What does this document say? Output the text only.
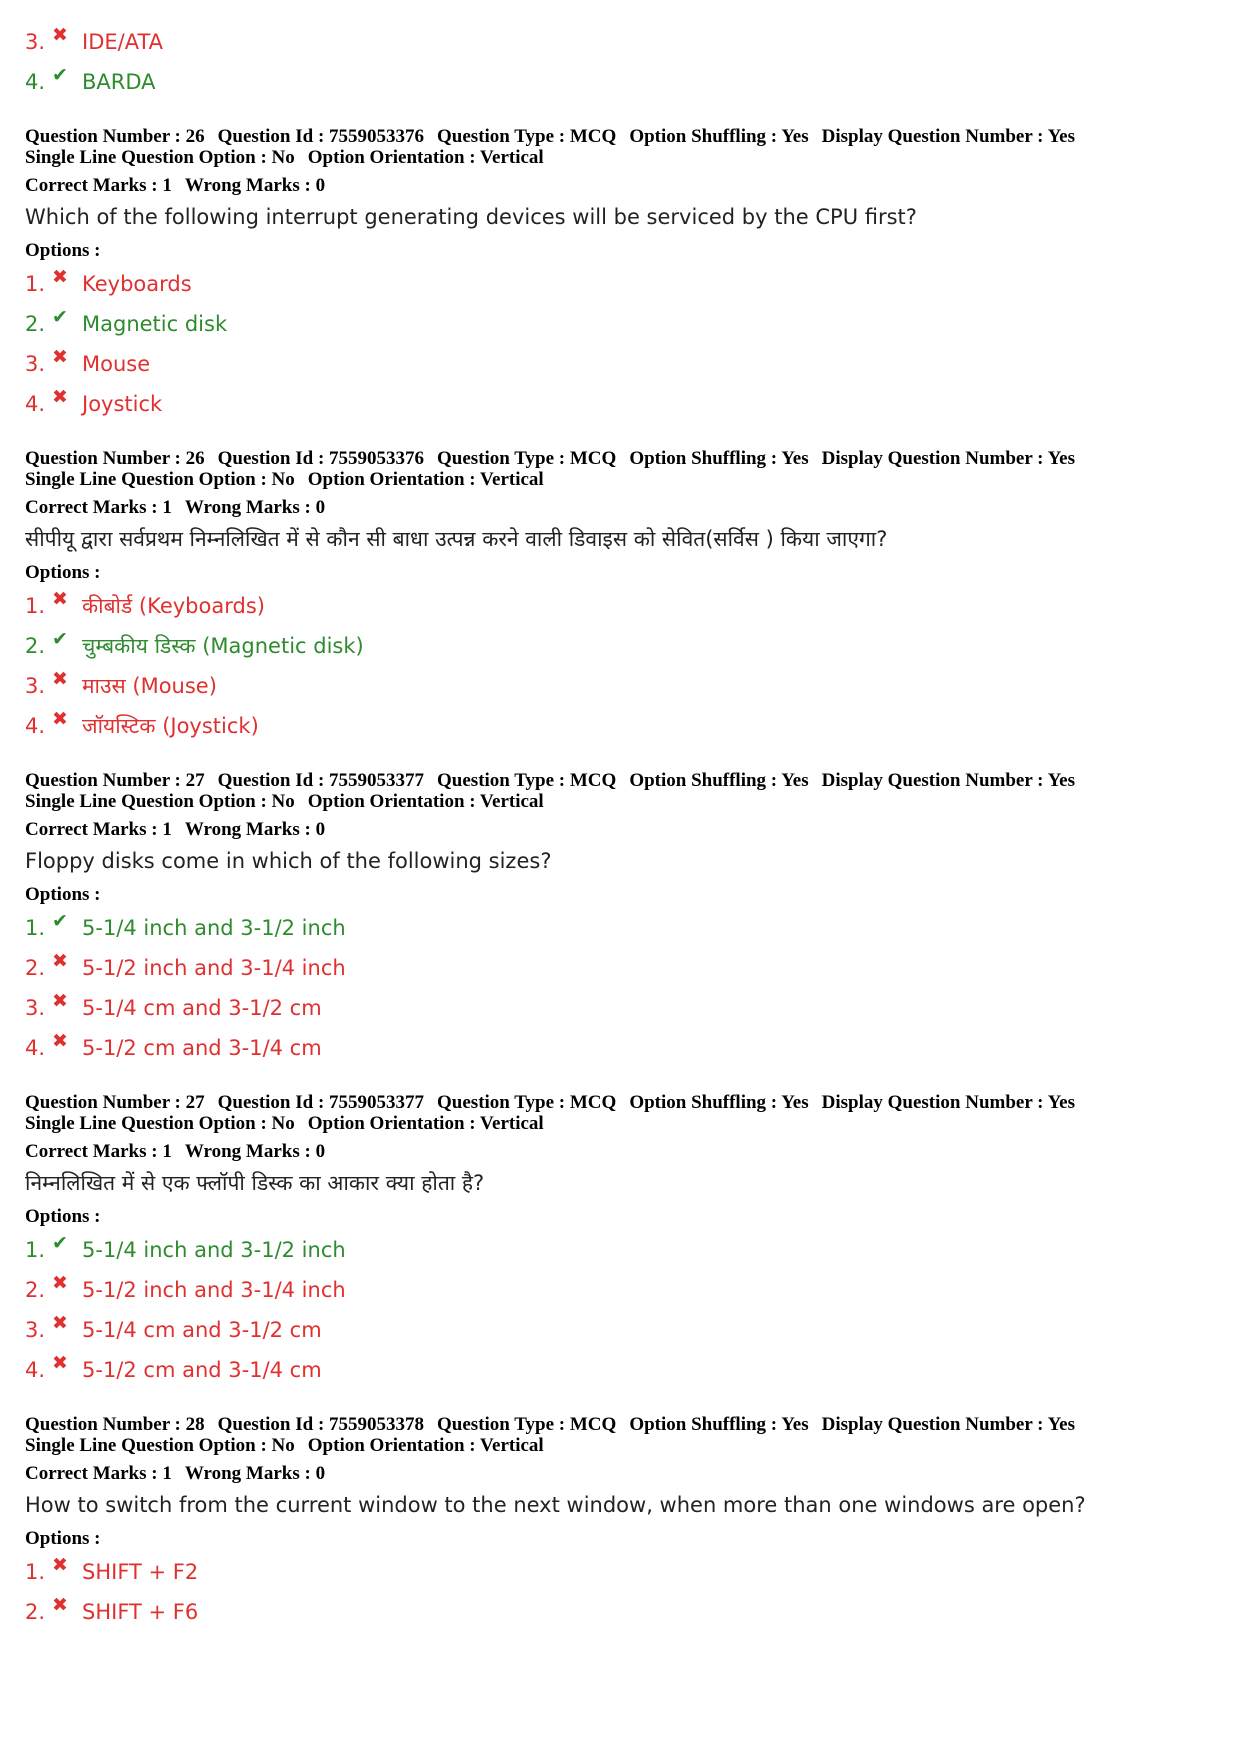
3. ✖ IDE/ATA
4. ✔ BARDA
Question Number : 26 Question Id : 7559053376 Question Type : MCQ Option Shuffling : Yes Display Question Number : Yes
Single Line Question Option : No Option Orientation : Vertical
Correct Marks : 1 Wrong Marks : 0
Which of the following interrupt generating devices will be serviced by the CPU first?
Options :
1. ✖ Keyboards
2. ✔ Magnetic disk
3. ✖ Mouse
4. ✖ Joystick
Question Number : 26 Question Id : 7559053376 Question Type : MCQ Option Shuffling : Yes Display Question Number : Yes
Single Line Question Option : No Option Orientation : Vertical
Correct Marks : 1 Wrong Marks : 0
सीपीयू द्वारा सर्वप्रथम निम्नलिखित में से कौन सी बाधा उत्पन्न करने वाली डिवाइस को सेवित(सर्विस ) किया जाएगा?
Options :
1. ✖ कीबोर्ड (Keyboards)
2. ✔ चुम्बकीय डिस्क (Magnetic disk)
3. ✖ माउस (Mouse)
4. ✖ जॉयस्टिक (Joystick)
Question Number : 27 Question Id : 7559053377 Question Type : MCQ Option Shuffling : Yes Display Question Number : Yes
Single Line Question Option : No Option Orientation : Vertical
Correct Marks : 1 Wrong Marks : 0
Floppy disks come in which of the following sizes?
Options :
1. ✔ 5-1/4 inch and 3-1/2 inch
2. ✖ 5-1/2 inch and 3-1/4 inch
3. ✖ 5-1/4 cm and 3-1/2 cm
4. ✖ 5-1/2 cm and 3-1/4 cm
Question Number : 27 Question Id : 7559053377 Question Type : MCQ Option Shuffling : Yes Display Question Number : Yes
Single Line Question Option : No Option Orientation : Vertical
Correct Marks : 1 Wrong Marks : 0
निम्नलिखित में से एक फ्लॉपी डिस्क का आकार क्या होता है?
Options :
1. ✔ 5-1/4 inch and 3-1/2 inch
2. ✖ 5-1/2 inch and 3-1/4 inch
3. ✖ 5-1/4 cm and 3-1/2 cm
4. ✖ 5-1/2 cm and 3-1/4 cm
Question Number : 28 Question Id : 7559053378 Question Type : MCQ Option Shuffling : Yes Display Question Number : Yes
Single Line Question Option : No Option Orientation : Vertical
Correct Marks : 1 Wrong Marks : 0
How to switch from the current window to the next window, when more than one windows are open?
Options :
1. ✖ SHIFT + F2
2. ✖ SHIFT + F6
